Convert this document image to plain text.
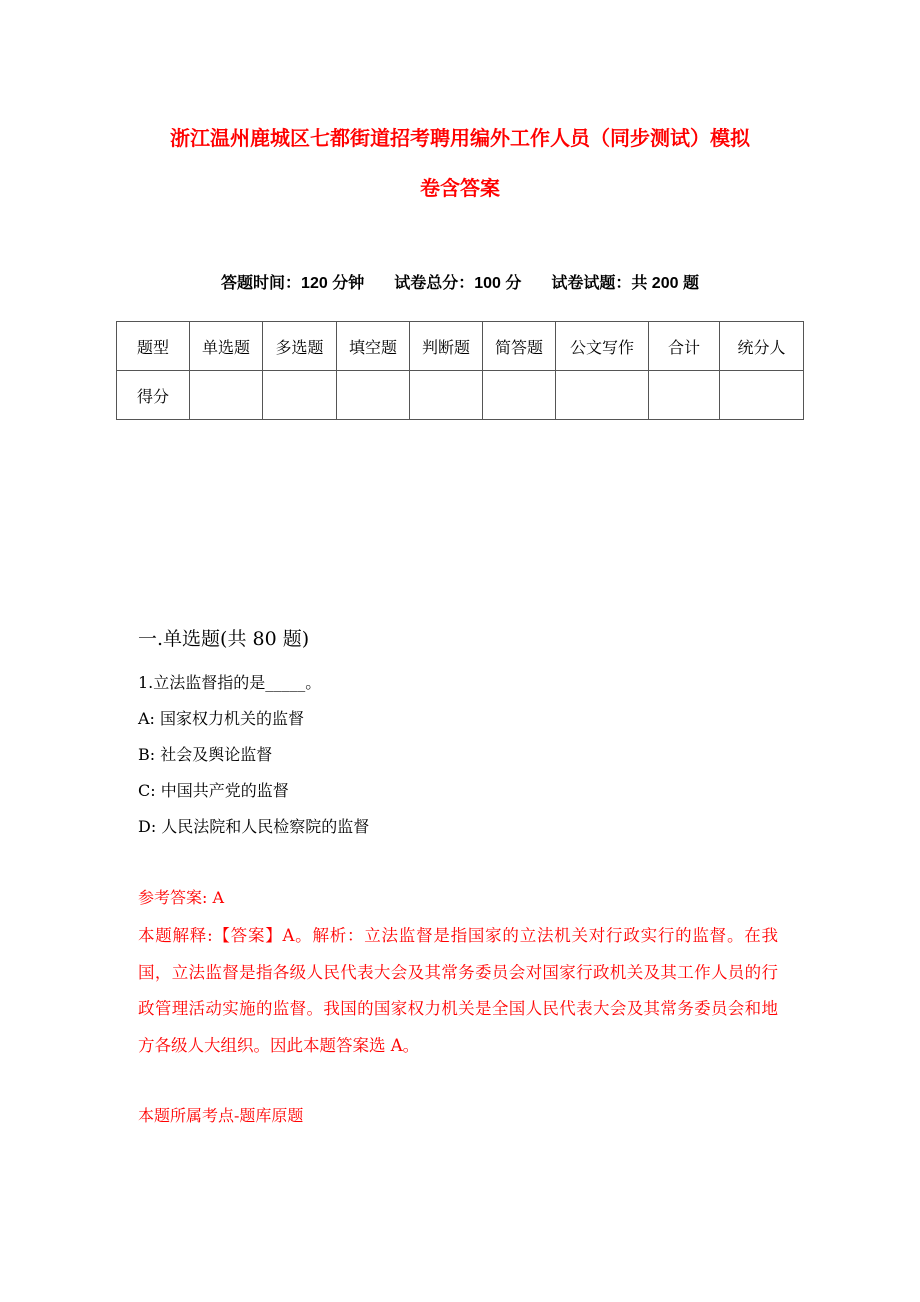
浙江温州鹿城区七都街道招考聘用编外工作人员（同步测试）模拟
卷含答案
答题时间：120 分钟 试卷总分：100 分 试卷试题：共 200 题
题型	单选题	多选题	填空题	判断题	简答题	公文写作	合计	统分人
得分								
一.单选题(共 80 题)
1.立法监督指的是_____。
A: 国家权力机关的监督
B: 社会及舆论监督
C: 中国共产党的监督
D: 人民法院和人民检察院的监督
参考答案: A
本题解释:【答案】A。解析：立法监督是指国家的立法机关对行政实行的监督。在我国，立法监督是指各级人民代表大会及其常务委员会对国家行政机关及其工作人员的行政管理活动实施的监督。我国的国家权力机关是全国人民代表大会及其常务委员会和地方各级人大组织。因此本题答案选 A。
本题所属考点-题库原题
